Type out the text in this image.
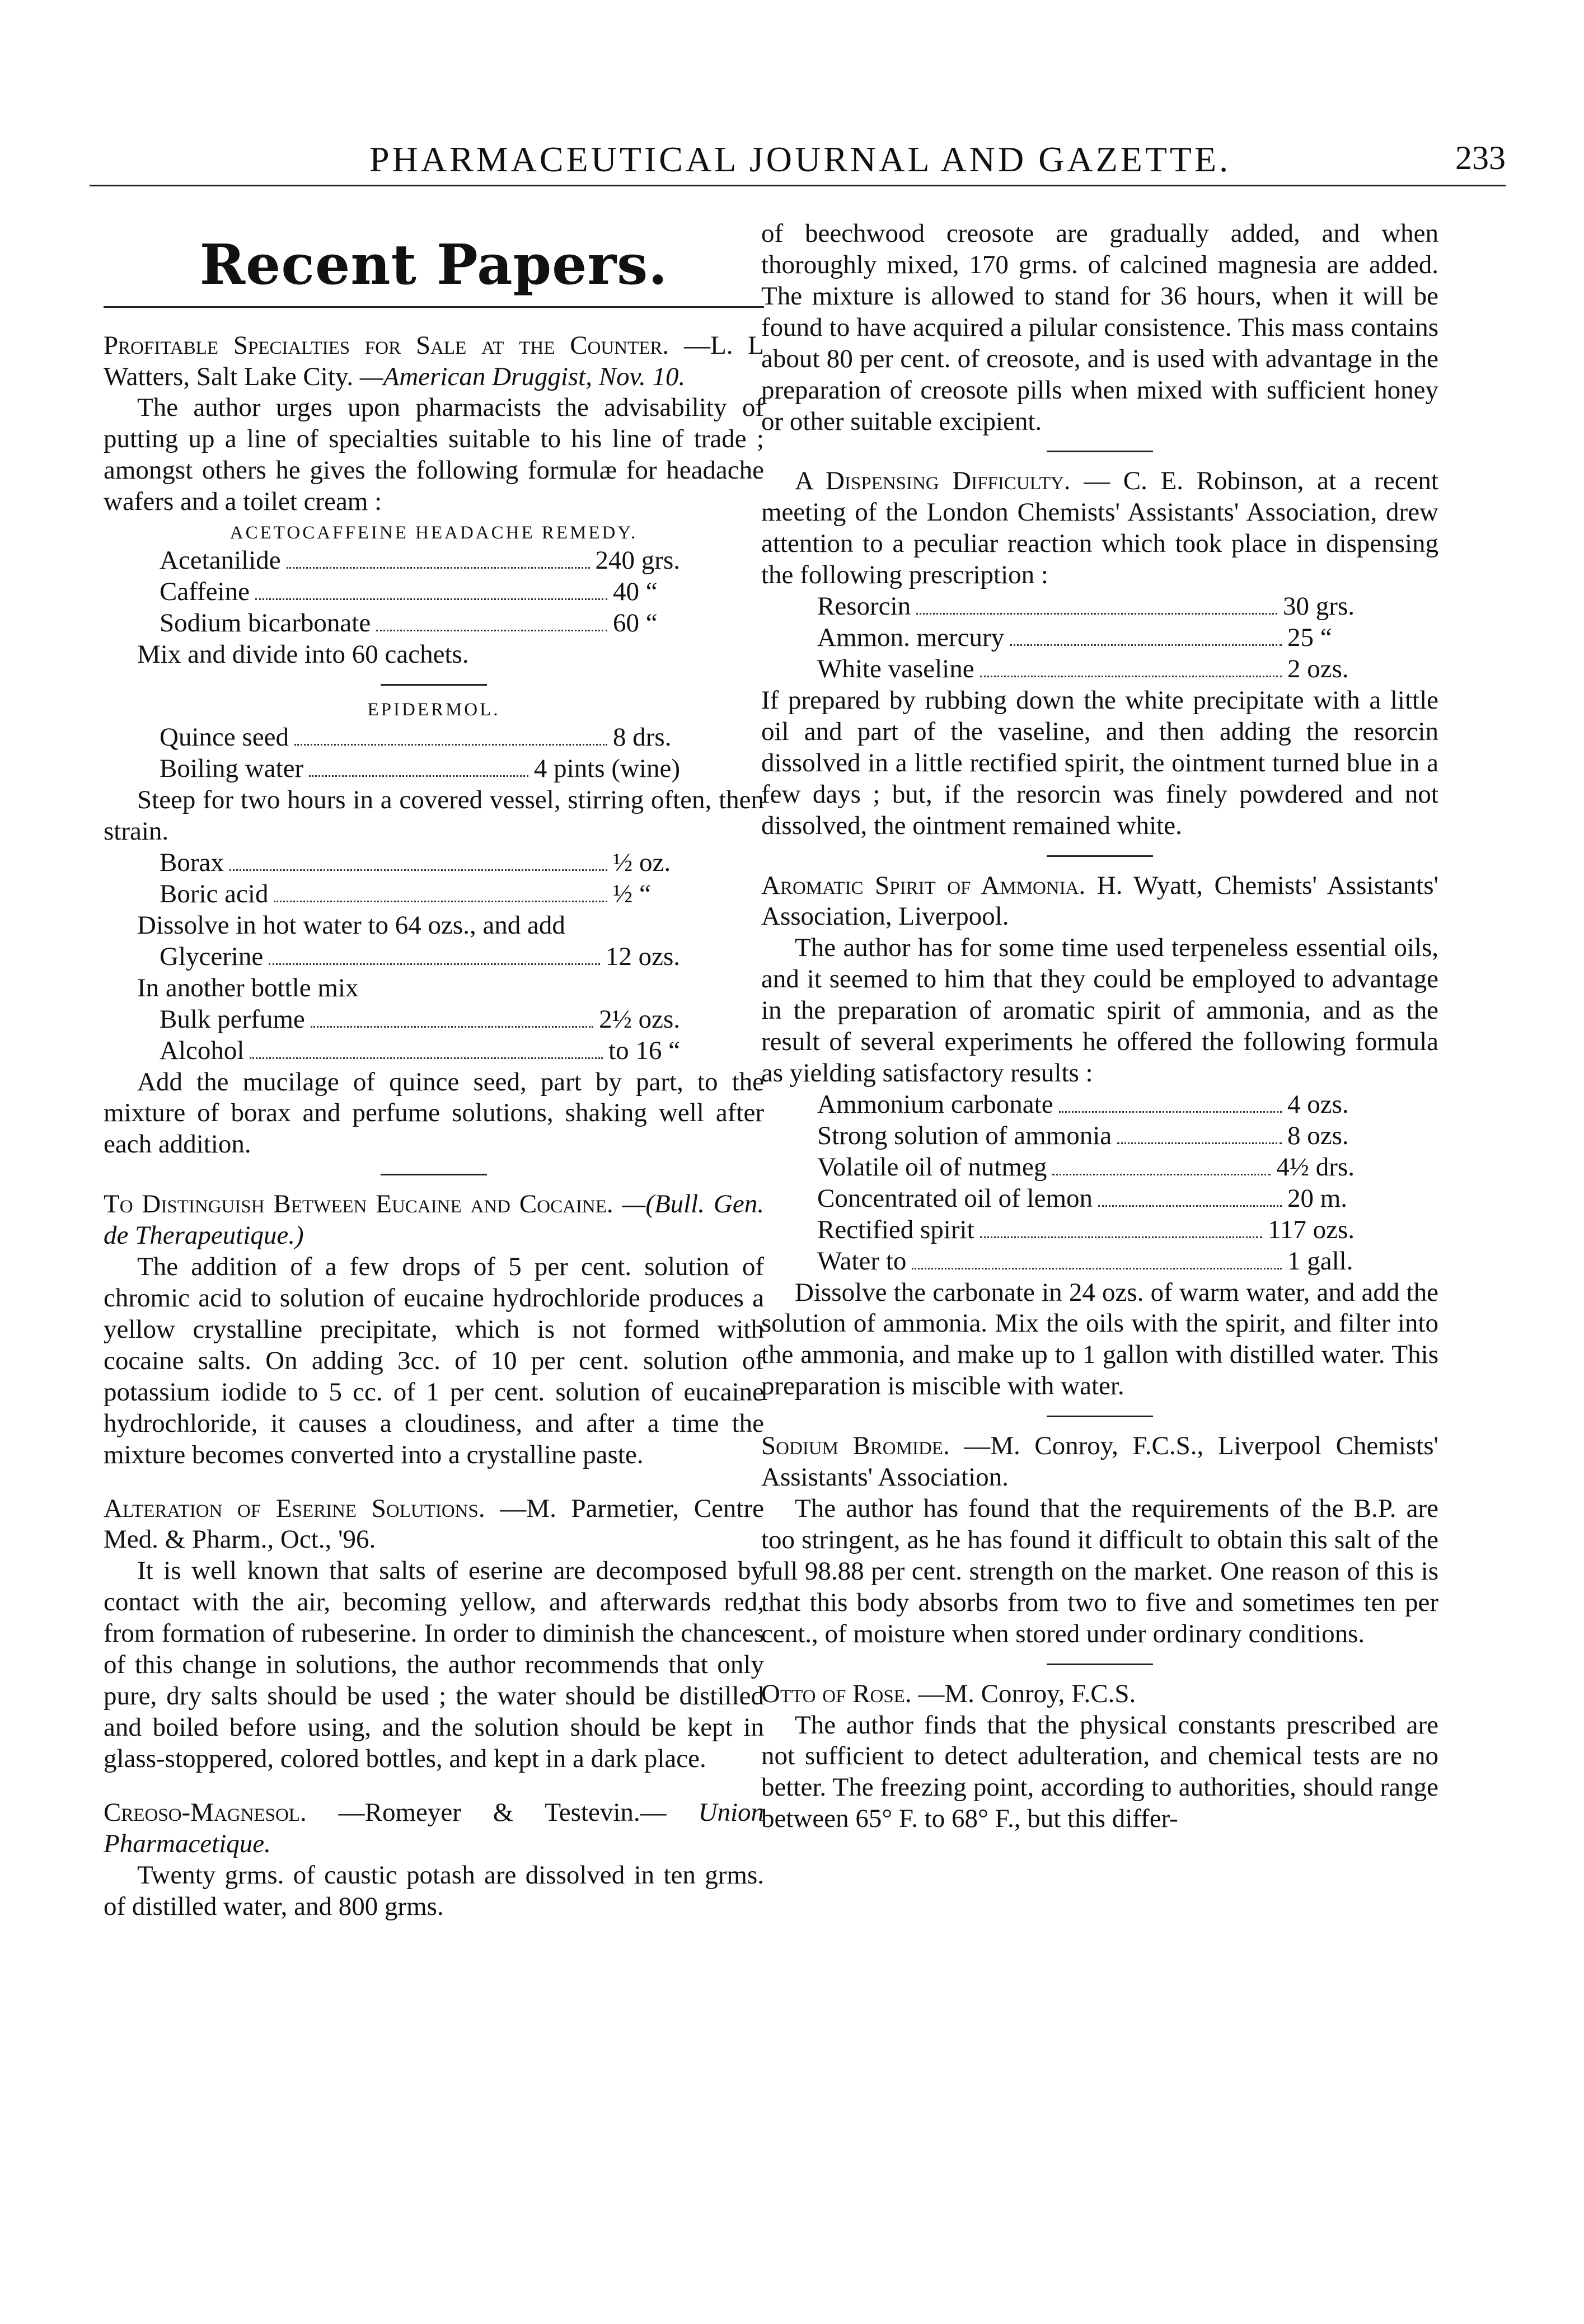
PHARMACEUTICAL JOURNAL AND GAZETTE.	233
Recent Papers.

Profitable Specialties for Sale at the Counter. —L. L Watters, Salt Lake City. —American Druggist, Nov. 10.

The author urges upon pharmacists the advisability of putting up a line of specialties suitable to his line of trade ; amongst others he gives the following formulæ for headache wafers and a toilet cream :

ACETOCAFFEINE HEADACHE REMEDY.
Acetanilide	240 grs.
Caffeine	40 “
Sodium bicarbonate	60 “

Mix and divide into 60 cachets.

EPIDERMOL.
Quince seed	8 drs.
Boiling water	4 pints (wine)

Steep for two hours in a covered vessel, stirring often, then strain.

Borax	½ oz.
Boric acid	½ “

Dissolve in hot water to 64 ozs., and add

Glycerine	12 ozs.

In another bottle mix

Bulk perfume	2½ ozs.
Alcohol	to 16 “

Add the mucilage of quince seed, part by part, to the mixture of borax and perfume solutions, shaking well after each addition.

To Distinguish Between Eucaine and Cocaine. —(Bull. Gen. de Therapeutique.)

The addition of a few drops of 5 per cent. solution of chromic acid to solution of eucaine hydrochloride produces a yellow crystalline precipitate, which is not formed with cocaine salts. On adding 3cc. of 10 per cent. solution of potassium iodide to 5 cc. of 1 per cent. solution of eucaine hydrochloride, it causes a cloudiness, and after a time the mixture becomes converted into a crystalline paste.

Alteration of Eserine Solutions. —M. Parmetier, Centre Med. & Pharm., Oct., '96.

It is well known that salts of eserine are decomposed by contact with the air, becoming yellow, and afterwards red, from formation of rubeserine. In order to diminish the chances of this change in solutions, the author recommends that only pure, dry salts should be used ; the water should be distilled and boiled before using, and the solution should be kept in glass-stoppered, colored bottles, and kept in a dark place.

Creoso-Magnesol. —Romeyer & Testevin.— Union Pharmacetique.

Twenty grms. of caustic potash are dissolved in ten grms. of distilled water, and 800 grms.

of beechwood creosote are gradually added, and when thoroughly mixed, 170 grms. of calcined magnesia are added. The mixture is allowed to stand for 36 hours, when it will be found to have acquired a pilular consistence. This mass contains about 80 per cent. of creosote, and is used with advantage in the preparation of creosote pills when mixed with sufficient honey or other suitable excipient.

A Dispensing Difficulty. — C. E. Robinson, at a recent meeting of the London Chemists' Assistants' Association, drew attention to a peculiar reaction which took place in dispensing the following prescription :

Resorcin	30 grs.
Ammon. mercury	25 “
White vaseline	2 ozs.

If prepared by rubbing down the white precipitate with a little oil and part of the vaseline, and then adding the resorcin dissolved in a little rectified spirit, the ointment turned blue in a few days ; but, if the resorcin was finely powdered and not dissolved, the ointment remained white.

Aromatic Spirit of Ammonia. H. Wyatt, Chemists' Assistants' Association, Liverpool.

The author has for some time used terpeneless essential oils, and it seemed to him that they could be employed to advantage in the preparation of aromatic spirit of ammonia, and as the result of several experiments he offered the following formula as yielding satisfactory results :

Ammonium carbonate	4 ozs.
Strong solution of ammonia	8 ozs.
Volatile oil of nutmeg	4½ drs.
Concentrated oil of lemon	20 m.
Rectified spirit	117 ozs.
Water to	1 gall.

Dissolve the carbonate in 24 ozs. of warm water, and add the solution of ammonia. Mix the oils with the spirit, and filter into the ammonia, and make up to 1 gallon with distilled water. This preparation is miscible with water.

Sodium Bromide. —M. Conroy, F.C.S., Liverpool Chemists' Assistants' Association.

The author has found that the requirements of the B.P. are too stringent, as he has found it difficult to obtain this salt of the full 98.88 per cent. strength on the market. One reason of this is that this body absorbs from two to five and sometimes ten per cent., of moisture when stored under ordinary conditions.

Otto of Rose. —M. Conroy, F.C.S.

The author finds that the physical constants prescribed are not sufficient to detect adulteration, and chemical tests are no better. The freezing point, according to authorities, should range between 65° F. to 68° F., but this differ-
